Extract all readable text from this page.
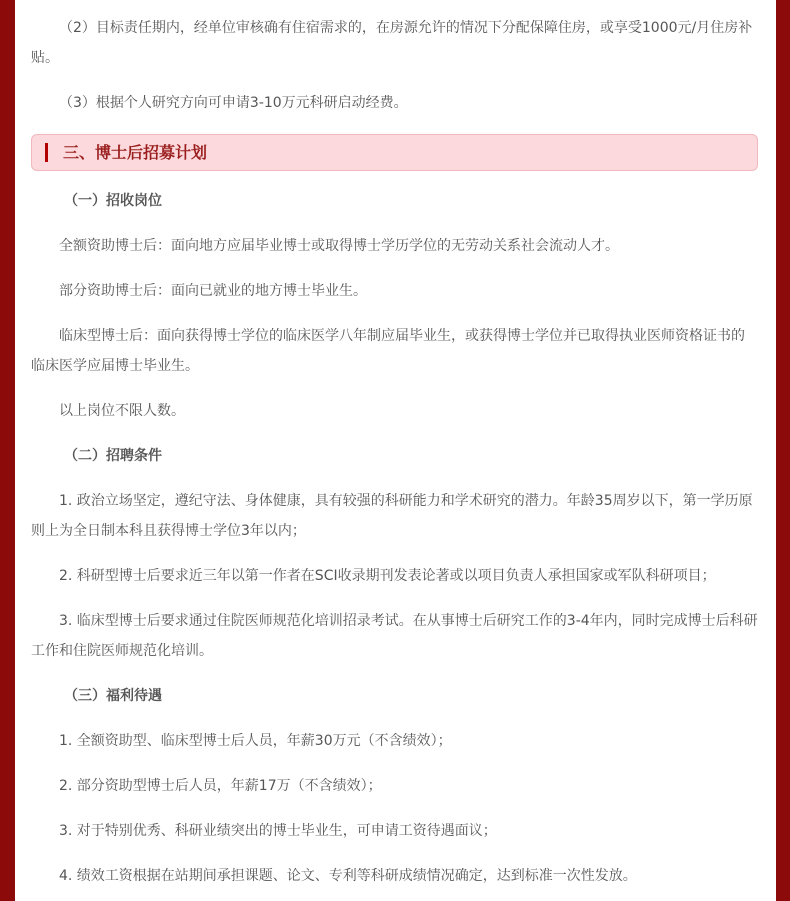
（2）目标责任期内，经单位审核确有住宿需求的，在房源允许的情况下分配保障住房，或享受1000元/月住房补贴。

（3）根据个人研究方向可申请3-10万元科研启动经费。

三、博士后招募计划
（一）招收岗位

全额资助博士后：面向地方应届毕业博士或取得博士学历学位的无劳动关系社会流动人才。

部分资助博士后：面向已就业的地方博士毕业生。

临床型博士后：面向获得博士学位的临床医学八年制应届毕业生，或获得博士学位并已取得执业医师资格证书的临床医学应届博士毕业生。

以上岗位不限人数。

（二）招聘条件

1. 政治立场坚定，遵纪守法、身体健康，具有较强的科研能力和学术研究的潜力。年龄35周岁以下，第一学历原则上为全日制本科且获得博士学位3年以内；

2. 科研型博士后要求近三年以第一作者在SCI收录期刊发表论著或以项目负责人承担国家或军队科研项目；

3. 临床型博士后要求通过住院医师规范化培训招录考试。在从事博士后研究工作的3-4年内，同时完成博士后科研工作和住院医师规范化培训。

（三）福利待遇

1. 全额资助型、临床型博士后人员，年薪30万元（不含绩效）；

2. 部分资助型博士后人员，年薪17万（不含绩效）；

3. 对于特别优秀、科研业绩突出的博士毕业生，可申请工资待遇面议；

4. 绩效工资根据在站期间承担课题、论文、专利等科研成绩情况确定，达到标准一次性发放。
